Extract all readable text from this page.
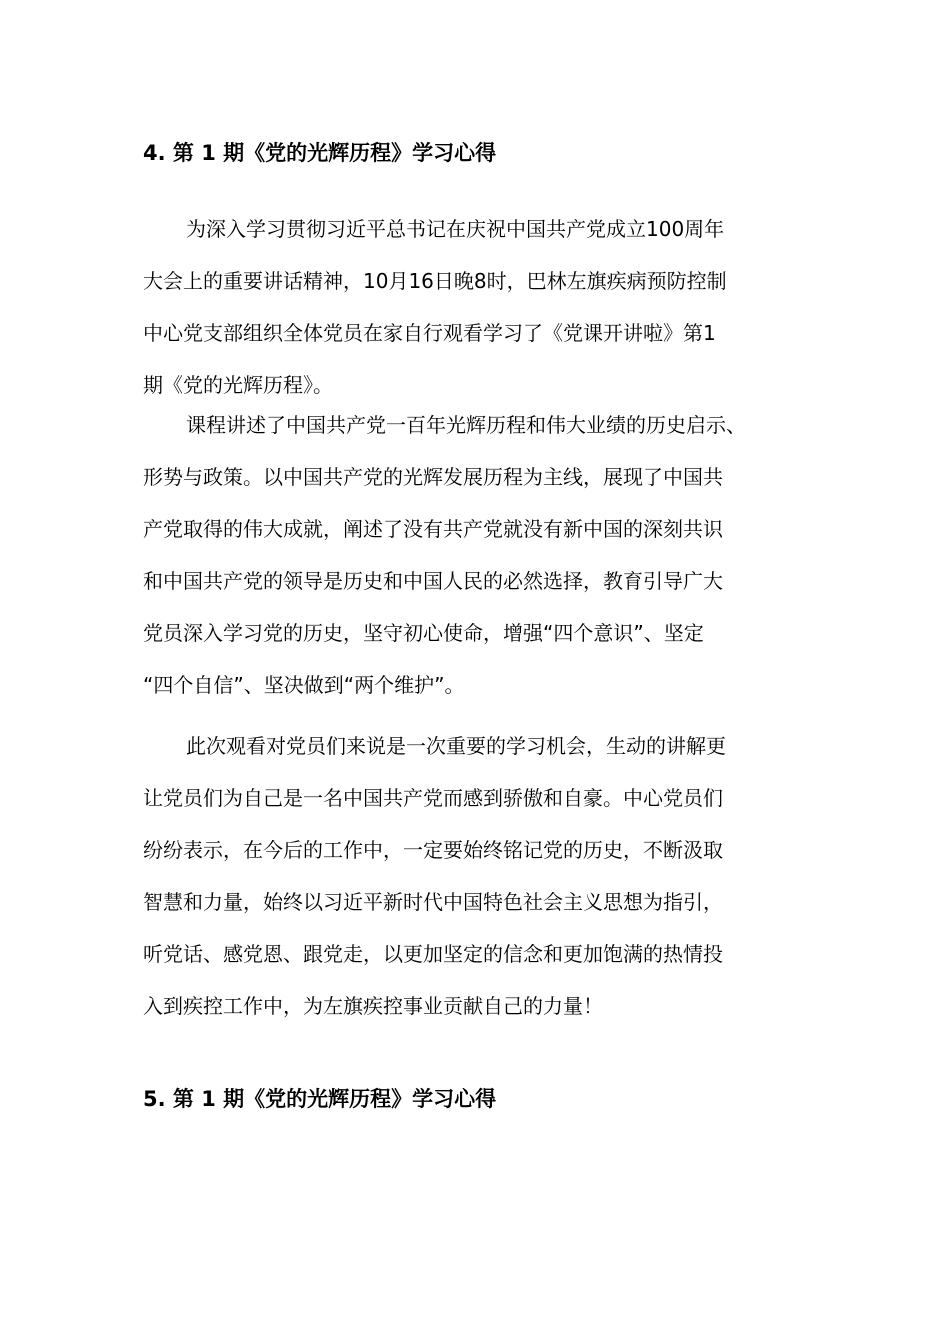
4. 第 1 期《党的光辉历程》学习心得
为深入学习贯彻习近平总书记在庆祝中国共产党成立100周年
大会上的重要讲话精神，10月16日晚8时，巴林左旗疾病预防控制
中心党支部组织全体党员在家自行观看学习了《党课开讲啦》第1
期《党的光辉历程》。
课程讲述了中国共产党一百年光辉历程和伟大业绩的历史启示、
形势与政策。以中国共产党的光辉发展历程为主线，展现了中国共
产党取得的伟大成就，阐述了没有共产党就没有新中国的深刻共识
和中国共产党的领导是历史和中国人民的必然选择，教育引导广大
党员深入学习党的历史，坚守初心使命，增强“四个意识”、坚定
“四个自信”、坚决做到“两个维护”。
此次观看对党员们来说是一次重要的学习机会，生动的讲解更
让党员们为自己是一名中国共产党而感到骄傲和自豪。中心党员们
纷纷表示，在今后的工作中，一定要始终铭记党的历史，不断汲取
智慧和力量，始终以习近平新时代中国特色社会主义思想为指引，
听党话、感党恩、跟党走，以更加坚定的信念和更加饱满的热情投
入到疾控工作中，为左旗疾控事业贡献自己的力量！
5. 第 1 期《党的光辉历程》学习心得
